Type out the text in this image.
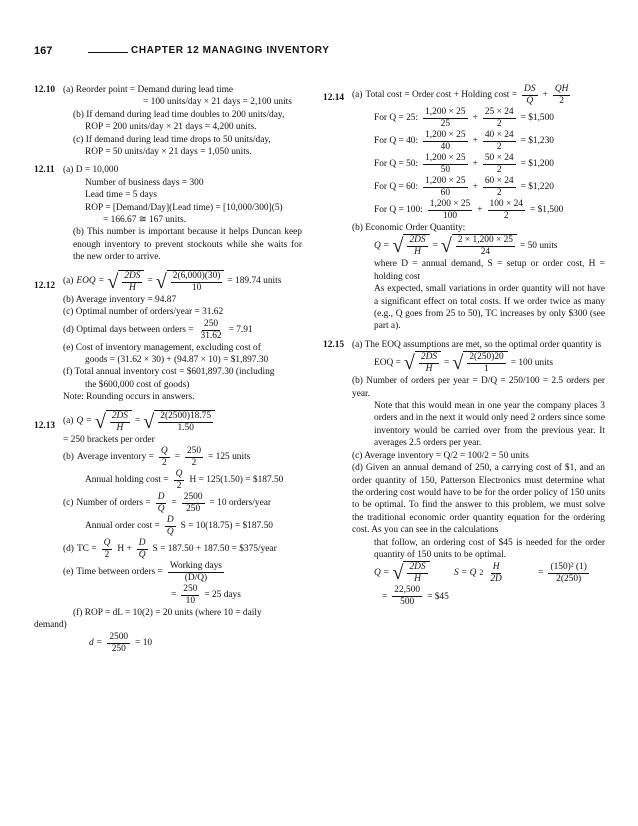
167	CHAPTER 12 MANAGING INVENTORY
12.10 (a) Reorder point = Demand during lead time
= 100 units/day × 21 days = 2,100 units
(b) If demand during lead time doubles to 200 units/day,
ROP = 200 units/day × 21 days = 4,200 units.
(c) If demand during lead time drops to 50 units/day,
ROP = 50 units/day × 21 days = 1,050 units.
12.11 (a) D = 10,000
Number of business days = 300
Lead time = 5 days
ROP = [Demand/Day](Lead time) = [10,000/300](5)
= 166.67 ≅ 167 units.
(b) This number is important because it helps Duncan keep enough inventory to prevent stockouts while she waits for the new order to arrive.
12.12 (a) EOQ = √ $\frac{2DS}{H}$ = √ $\frac{2(6,000)(30)}{10} = 189.74$ units
(b) Average inventory = 94.87
(c) Optimal number of orders/year = 31.62
(d) Optimal days between orders = $\frac{250}{31.62} = 7.91$
(e) Cost of inventory management, excluding cost of
goods = (31.62 × 30) + (94.87 × 10) = $1,897.30
(f) Total annual inventory cost = $601,897.30 (including
the $600,000 cost of goods)
Note: Rounding occurs in answers.
12.13 (a) Q = √ $\frac{2DS}{H}$ = √ $\frac{2(2500)18.75}{1.50}$
= 250 brackets per order
(b) Average inventory = $\frac{Q}{2} = \frac{250}{2} = 125$ units

Annual holding $\cos t = \frac{Q}{2}$ H = 125(1.50) = $187.50

(c) Number of orders = $\frac{D}{Q} = \frac{2500}{250} = 10$ orders/year

Annual order $\cos t = \frac{D}{Q}$ S = 10(18.75) = $187.50

(d) TC = $\frac{Q}{2}$ $H + \frac{D}{Q}$ S = 187.50 + 187.50 = $375/year

(e) Time between orders = $\frac{\text{Working days}}{(D/Q)}$

= $\frac{250}{10} = 25$ days
(f) ROP = dL = 10(2) = 20 units (where 10 = daily
demand)
$d = \frac{2500}{250} = 10$
12.14 (a) Total cost = Order cost + Holding $\cos t = \frac{DS}{Q} + \frac{QH}{2}$
For Q = 25: $\frac{1,200 \times 25}{25} + \frac{25 \times 24}{2}$ = $1,500
For Q = 40: $\frac{1,200 \times 25}{40} + \frac{40 \times 24}{2}$ = $1,230
For Q = 50: $\frac{1,200 \times 25}{50} + \frac{50 \times 24}{2}$ = $1,200
For Q = 60: $\frac{1,200 \times 25}{60} + \frac{60 \times 24}{2}$ = $1,220
For Q = 100: $\frac{1,200 \times 25}{100} + \frac{100 \times 24}{2}$ = $1,500
(b) Economic Order Quantity:
Q = √ $\frac{2DS}{H}$ = √ $\frac{2 \times 1,200 \times 25}{24} = 50$ units
where D = annual demand, S = setup or order cost, H = holding cost
As expected, small variations in order quantity will not have a significant effect on total costs. If we order twice as many (e.g., Q goes from 25 to 50), TC increases by only $300 (see part a).
12.15 (a) The EOQ assumptions are met, so the optimal order quantity is
EOQ = √ $\frac{2DS}{H}$ = √ $\frac{2(250)20}{1} = 100$ units
(b) Number of orders per year = D/Q = 250/100 = 2.5 orders per year.
Note that this would mean in one year the company places 3 orders and in the next it would only need 2 orders since some inventory would be carried over from the previous year. It averages 2.5 orders per year.
(c) Average inventory = Q/2 = 100/2 = 50 units
(d) Given an annual demand of 250, a carrying cost of $1, and an order quantity of 150, Patterson Electronics must determine what the ordering cost would have to be for the order policy of 150 units to be optimal. To find the answer to this problem, we must solve the traditional economic order quantity equation for the ordering cost. As you can see in the calculations
that follow, an ordering cost of $45 is needed for the order quantity of 150 units to be optimal.
Q = √ $\frac{2DS}{H}$
	S = Q $2 \frac{H}{2D}$
	= $\frac{\text{(150)² (1)}}{2(250)}$

= $\frac{22,500}{500}$ = $45
